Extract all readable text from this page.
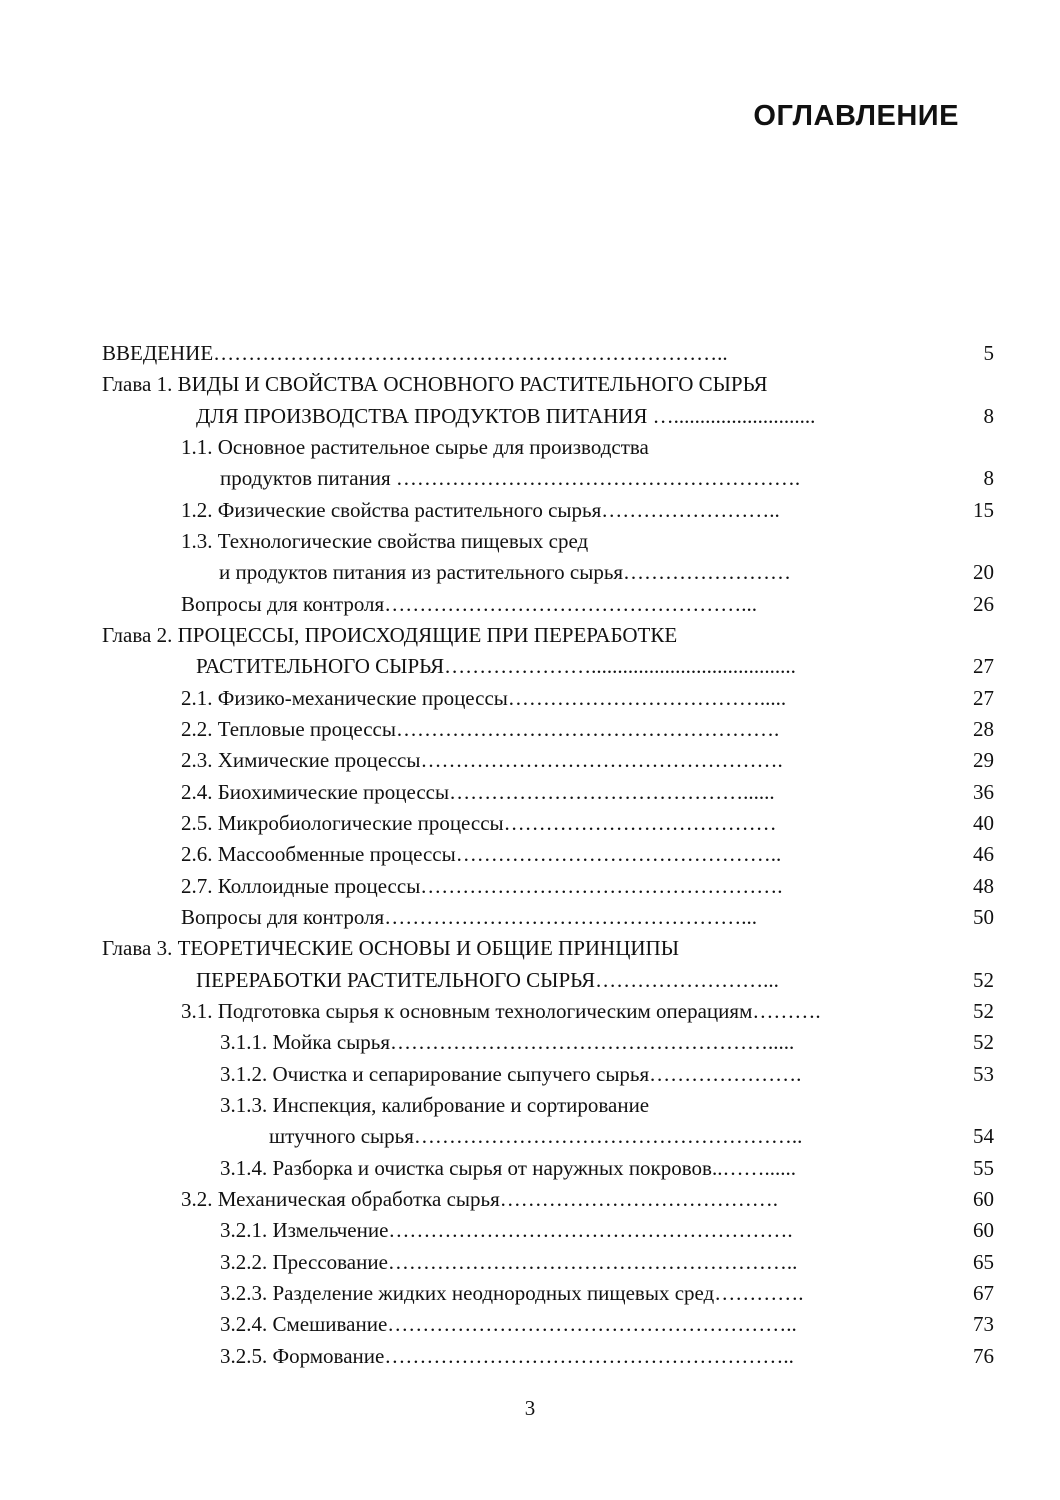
ОГЛАВЛЕНИЕ
ВВЕДЕНИЕ………………………………………………………………..	5
Глава 1. ВИДЫ И СВОЙСТВА ОСНОВНОГО РАСТИТЕЛЬНОГО СЫРЬЯ
ДЛЯ ПРОИЗВОДСТВА ПРОДУКТОВ ПИТАНИЯ …...........................	8
1.1. Основное растительное сырье для производства
продуктов питания ………………………………………………….	8
1.2. Физические свойства растительного сырья……………………..	15
1.3. Технологические свойства пищевых сред
и продуктов питания из растительного сырья……………………	20
Вопросы для контроля……………………………………………...	26
Глава 2. ПРОЦЕССЫ, ПРОИСХОДЯЩИЕ ПРИ ПЕРЕРАБОТКЕ
РАСТИТЕЛЬНОГО СЫРЬЯ………………….......................................	27
2.1. Физико-механические процессы……………………………….....	27
2.2. Тепловые процессы……………………………………………….	28
2.3. Химические процессы…………………………………………….	29
2.4. Биохимические процессы……………………………………......	36
2.5. Микробиологические процессы…………………………………	40
2.6. Массообменные процессы………………………………………..	46
2.7. Коллоидные процессы…………………………………………….	48
Вопросы для контроля……………………………………………...	50
Глава 3. ТЕОРЕТИЧЕСКИЕ ОСНОВЫ И ОБЩИЕ ПРИНЦИПЫ
ПЕРЕРАБОТКИ РАСТИТЕЛЬНОГО СЫРЬЯ……………………...	52
3.1. Подготовка сырья к основным технологическим операциям……….	52
3.1.1. Мойка сырья……………………………………………….....	52
3.1.2. Очистка и сепарирование сыпучего сырья………………….	53
3.1.3. Инспекция, калибрование и сортирование
штучного сырья………………………………………………..	54
3.1.4. Разборка и очистка сырья от наружных покровов..……......	55
3.2. Механическая обработка сырья………………………………….	60
3.2.1. Измельчение………………………………………………….	60
3.2.2. Прессование…………………………………………………..	65
3.2.3. Разделение жидких неоднородных пищевых сред………….	67
3.2.4. Смешивание…………………………………………………..	73
3.2.5. Формование…………………………………………………..	76
3
